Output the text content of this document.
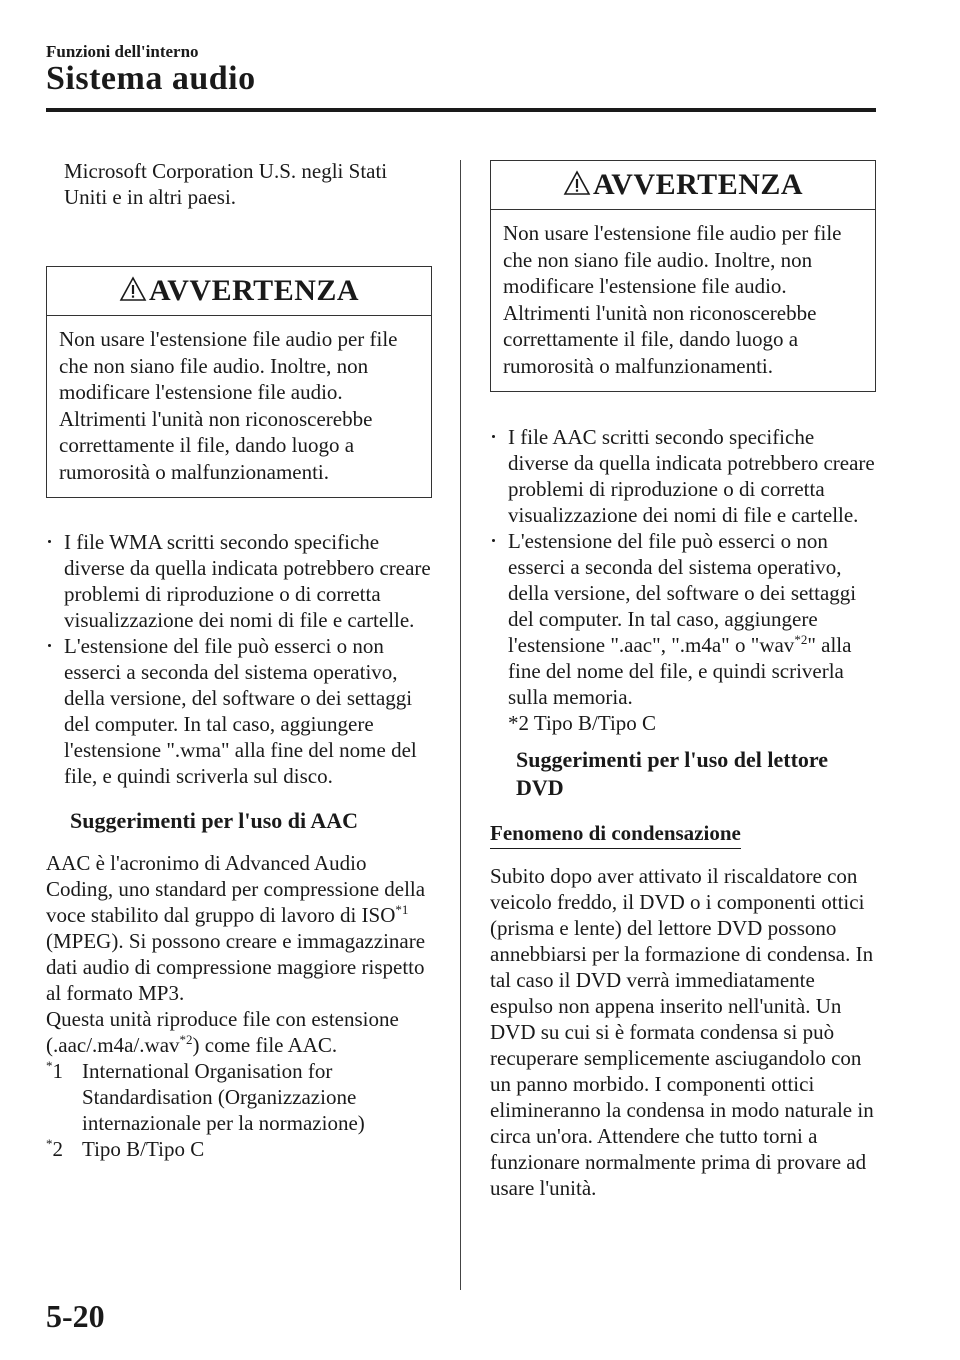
Funzioni dell'interno
Sistema audio

Microsoft Corporation U.S. negli Stati Uniti e in altri paesi.

AVVERTENZA
Non usare l'estensione file audio per file che non siano file audio. Inoltre, non modificare l'estensione file audio. Altrimenti l'unità non riconoscerebbe correttamente il file, dando luogo a rumorosità o malfunzionamenti.
I file WMA scritti secondo specifiche diverse da quella indicata potrebbero creare problemi di riproduzione o di corretta visualizzazione dei nomi di file e cartelle.
L'estensione del file può esserci o non esserci a seconda del sistema operativo, della versione, del software o dei settaggi del computer. In tal caso, aggiungere l'estensione ".wma" alla fine del nome del file, e quindi scriverla sul disco.
Suggerimenti per l'uso di AAC

AAC è l'acronimo di Advanced Audio Coding, uno standard per compressione della voce stabilito dal gruppo di lavoro di ISO$^{*1}$ (MPEG). Si possono creare e immagazzinare dati audio di compressione maggiore rispetto al formato MP3.

Questa unità riproduce file con estensione (.aac/.m4a/.wav$^{*2}$) come file AAC.

*1 International Organisation for Standardisation (Organizzazione internazionale per la normazione)
*2 Tipo B/Tipo C
AVVERTENZA
Non usare l'estensione file audio per file che non siano file audio. Inoltre, non modificare l'estensione file audio. Altrimenti l'unità non riconoscerebbe correttamente il file, dando luogo a rumorosità o malfunzionamenti.
I file AAC scritti secondo specifiche diverse da quella indicata potrebbero creare problemi di riproduzione o di corretta visualizzazione dei nomi di file e cartelle.
L'estensione del file può esserci o non esserci a seconda del sistema operativo, della versione, del software o dei settaggi del computer. In tal caso, aggiungere l'estensione ".aac", ".m4a" o "wav$^{*2}$" alla fine del nome del file, e quindi scriverla sulla memoria.
*2 Tipo B/Tipo C
Suggerimenti per l'uso del lettore DVD
Fenomeno di condensazione

Subito dopo aver attivato il riscaldatore con veicolo freddo, il DVD o i componenti ottici (prisma e lente) del lettore DVD possono annebbiarsi per la formazione di condensa. In tal caso il DVD verrà immediatamente espulso non appena inserito nell'unità. Un DVD su cui si è formata condensa si può recuperare semplicemente asciugandolo con un panno morbido. I componenti ottici elimineranno la condensa in modo naturale in circa un'ora. Attendere che tutto torni a funzionare normalmente prima di provare ad usare l'unità.

5-20
